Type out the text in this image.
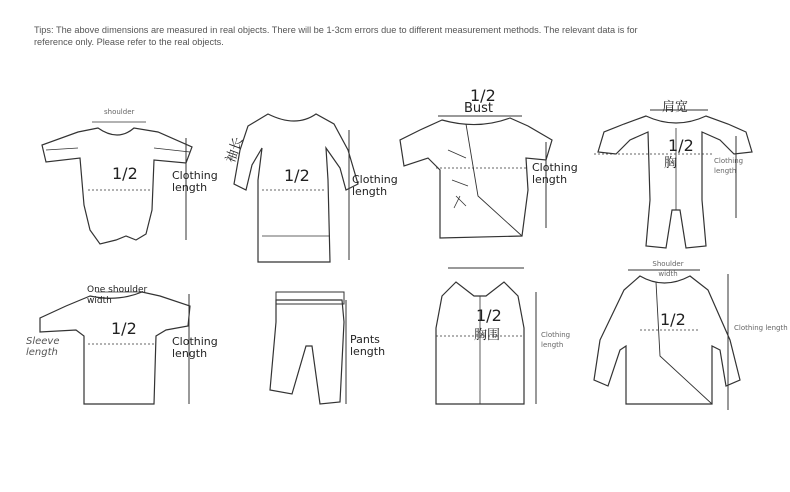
Tips: The above dimensions are measured in real objects. There will be 1-3cm errors due to different measurement methods. The relevant data is for reference only. Please refer to the real objects.
shoulder
1/2	Clothing length
袖长
1/2	Clothing length
1/2
Bust
Clothing length
肩宽
1/2
胸	Clothing length
One shoulder width
Sleeve length
1/2
Clothing length
Pants length
1/2
胸围	Clothing length
Shoulder width
1/2	Clothing length
